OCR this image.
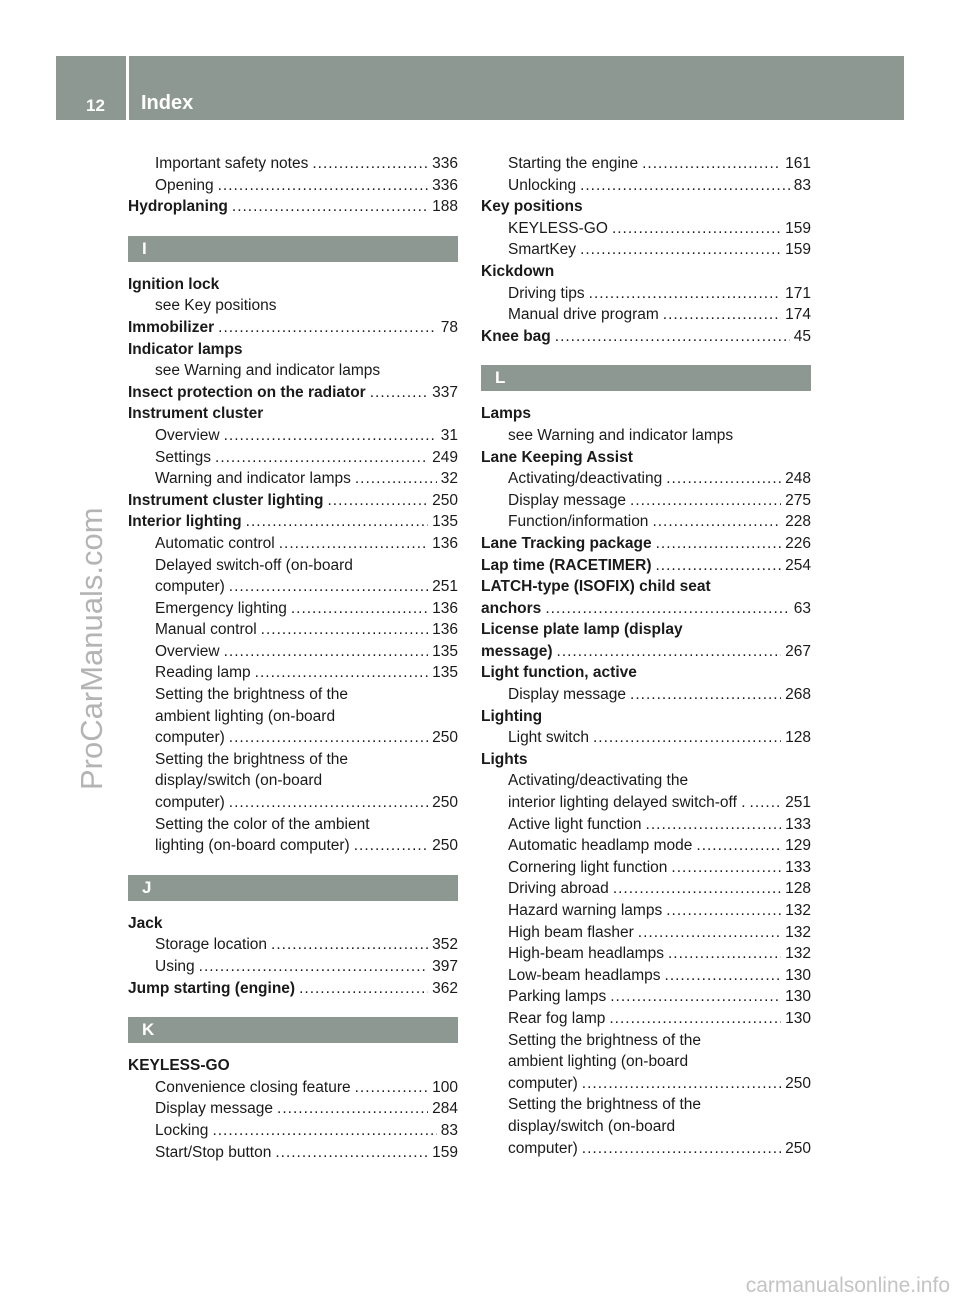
12 Index
ProCarManuals.com
carmanualsonline.info
Important safety notes .....	336
Opening .....	336
Hydroplaning .....	188
I
Ignition lock
see Key positions
Immobilizer .....	78
Indicator lamps
see Warning and indicator lamps
Insect protection on the radiator .....	337
Instrument cluster
Overview .....	31
Settings .....	249
Warning and indicator lamps .....	32
Instrument cluster lighting .....	250
Interior lighting .....	135
Automatic control .....	136
Delayed switch-off (on-board
computer) .....	251
Emergency lighting .....	136
Manual control .....	136
Overview .....	135
Reading lamp .....	135
Setting the brightness of the
ambient lighting (on-board
computer) .....	250
Setting the brightness of the
display/switch (on-board
computer) .....	250
Setting the color of the ambient
lighting (on-board computer) .....	250
J
Jack
Storage location .....	352
Using .....	397
Jump starting (engine) .....	362
K
KEYLESS-GO
Convenience closing feature .....	100
Display message .....	284
Locking .....	83
Start/Stop button .....	159
Starting the engine .....	161
Unlocking .....	83
Key positions
KEYLESS-GO .....	159
SmartKey .....	159
Kickdown
Driving tips .....	171
Manual drive program .....	174
Knee bag .....	45
L
Lamps
see Warning and indicator lamps
Lane Keeping Assist
Activating/deactivating .....	248
Display message .....	275
Function/information .....	228
Lane Tracking package .....	226
Lap time (RACETIMER) .....	254
LATCH-type (ISOFIX) child seat
anchors .....	63
License plate lamp (display
message) .....	267
Light function, active
Display message .....	268
Lighting
Light switch .....	128
Lights
Activating/deactivating the
interior lighting delayed switch-off . .....	251
Active light function .....	133
Automatic headlamp mode .....	129
Cornering light function .....	133
Driving abroad .....	128
Hazard warning lamps .....	132
High beam flasher .....	132
High-beam headlamps .....	132
Low-beam headlamps .....	130
Parking lamps .....	130
Rear fog lamp .....	130
Setting the brightness of the
ambient lighting (on-board
computer) .....	250
Setting the brightness of the
display/switch (on-board
computer) .....	250
